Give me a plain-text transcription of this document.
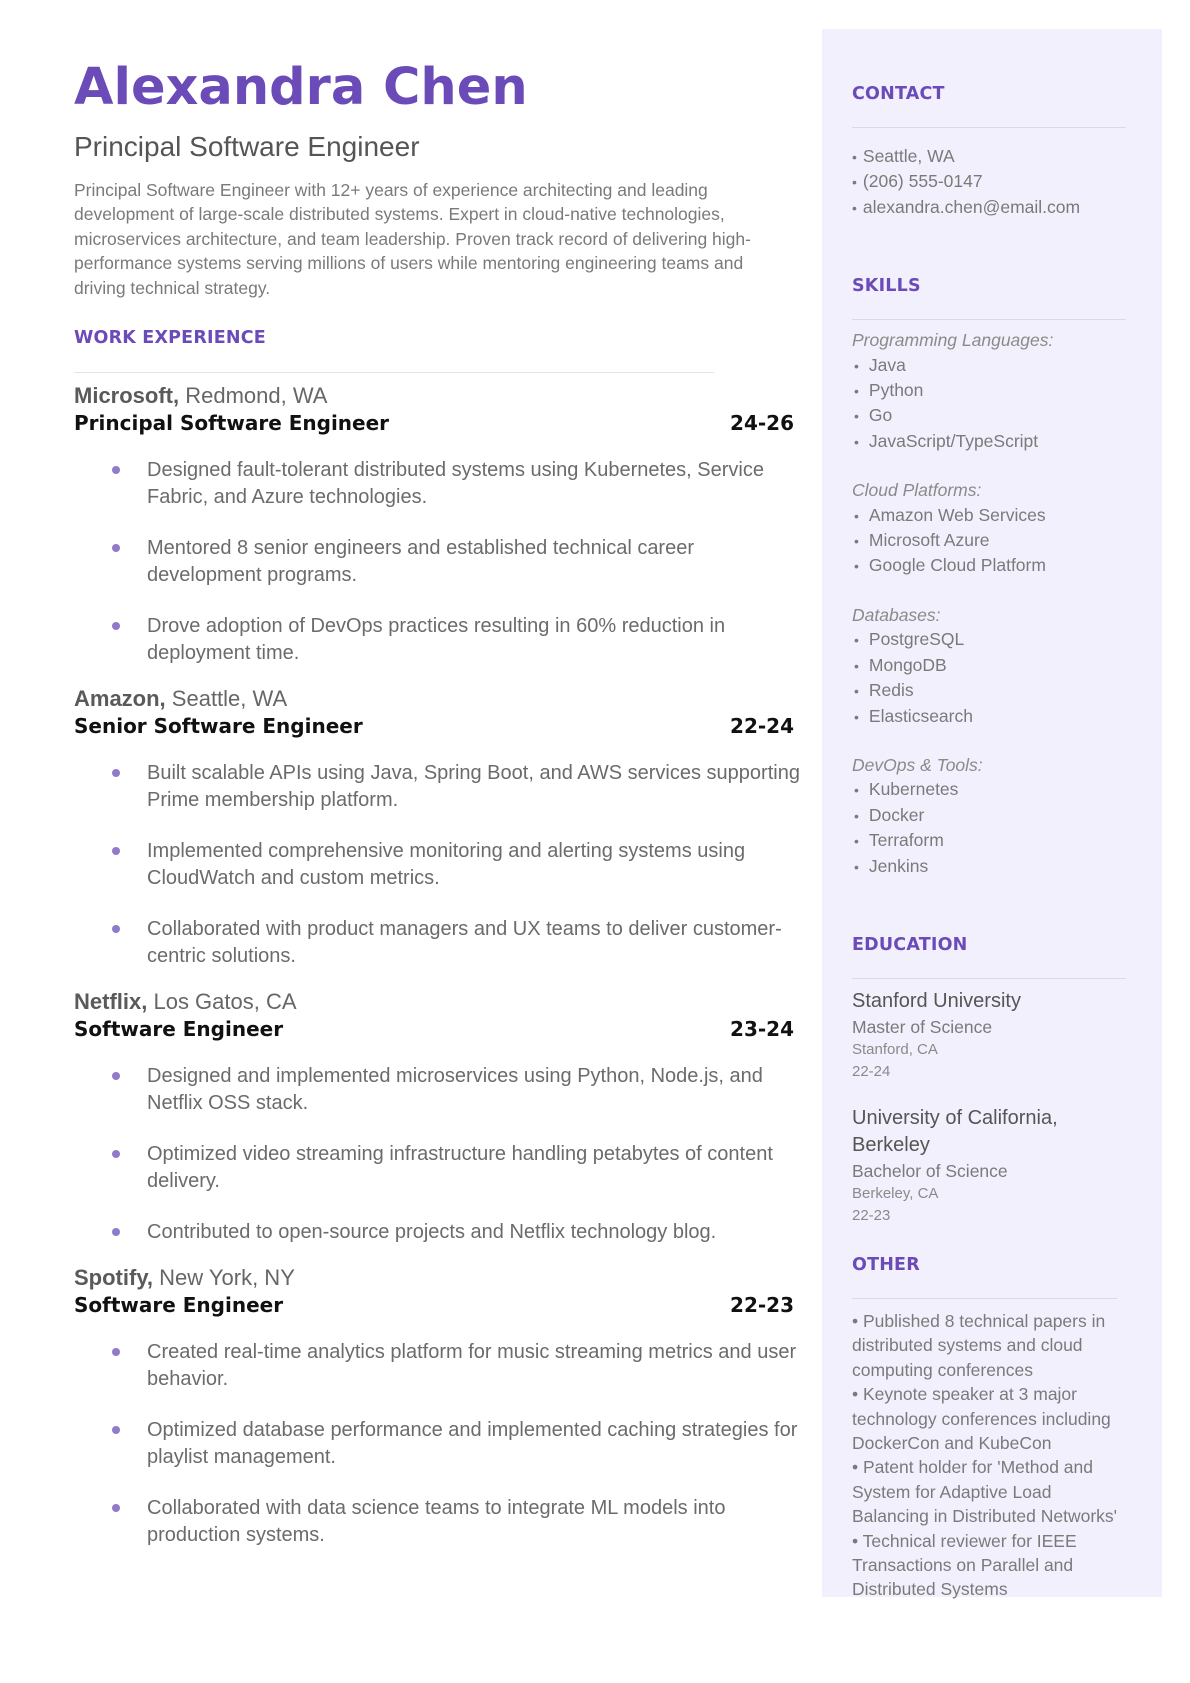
Alexandra Chen
Principal Software Engineer
Principal Software Engineer with 12+ years of experience architecting and leading development of large-scale distributed systems. Expert in cloud-native technologies, microservices architecture, and team leadership. Proven track record of delivering high-performance systems serving millions of users while mentoring engineering teams and driving technical strategy.
WORK EXPERIENCE
Microsoft, Redmond, WA
Principal Software Engineer	24-26
Designed fault-tolerant distributed systems using Kubernetes, Service Fabric, and Azure technologies.
Mentored 8 senior engineers and established technical career development programs.
Drove adoption of DevOps practices resulting in 60% reduction in deployment time.
Amazon, Seattle, WA
Senior Software Engineer	22-24
Built scalable APIs using Java, Spring Boot, and AWS services supporting Prime membership platform.
Implemented comprehensive monitoring and alerting systems using CloudWatch and custom metrics.
Collaborated with product managers and UX teams to deliver customer-centric solutions.
Netflix, Los Gatos, CA
Software Engineer	23-24
Designed and implemented microservices using Python, Node.js, and Netflix OSS stack.
Optimized video streaming infrastructure handling petabytes of content delivery.
Contributed to open-source projects and Netflix technology blog.
Spotify, New York, NY
Software Engineer	22-23
Created real-time analytics platform for music streaming metrics and user behavior.
Optimized database performance and implemented caching strategies for playlist management.
Collaborated with data science teams to integrate ML models into production systems.
CONTACT
• Seattle, WA
• (206) 555-0147
• alexandra.chen@email.com
SKILLS
Programming Languages:
• Java
• Python
• Go
• JavaScript/TypeScript
Cloud Platforms:
• Amazon Web Services
• Microsoft Azure
• Google Cloud Platform
Databases:
• PostgreSQL
• MongoDB
• Redis
• Elasticsearch
DevOps & Tools:
• Kubernetes
• Docker
• Terraform
• Jenkins
EDUCATION
Stanford University
Master of Science
Stanford, CA
22-24
University of California, Berkeley
Bachelor of Science
Berkeley, CA
22-23
OTHER
• Published 8 technical papers in distributed systems and cloud computing conferences
• Keynote speaker at 3 major technology conferences including DockerCon and KubeCon
• Patent holder for 'Method and System for Adaptive Load Balancing in Distributed Networks'
• Technical reviewer for IEEE Transactions on Parallel and Distributed Systems
